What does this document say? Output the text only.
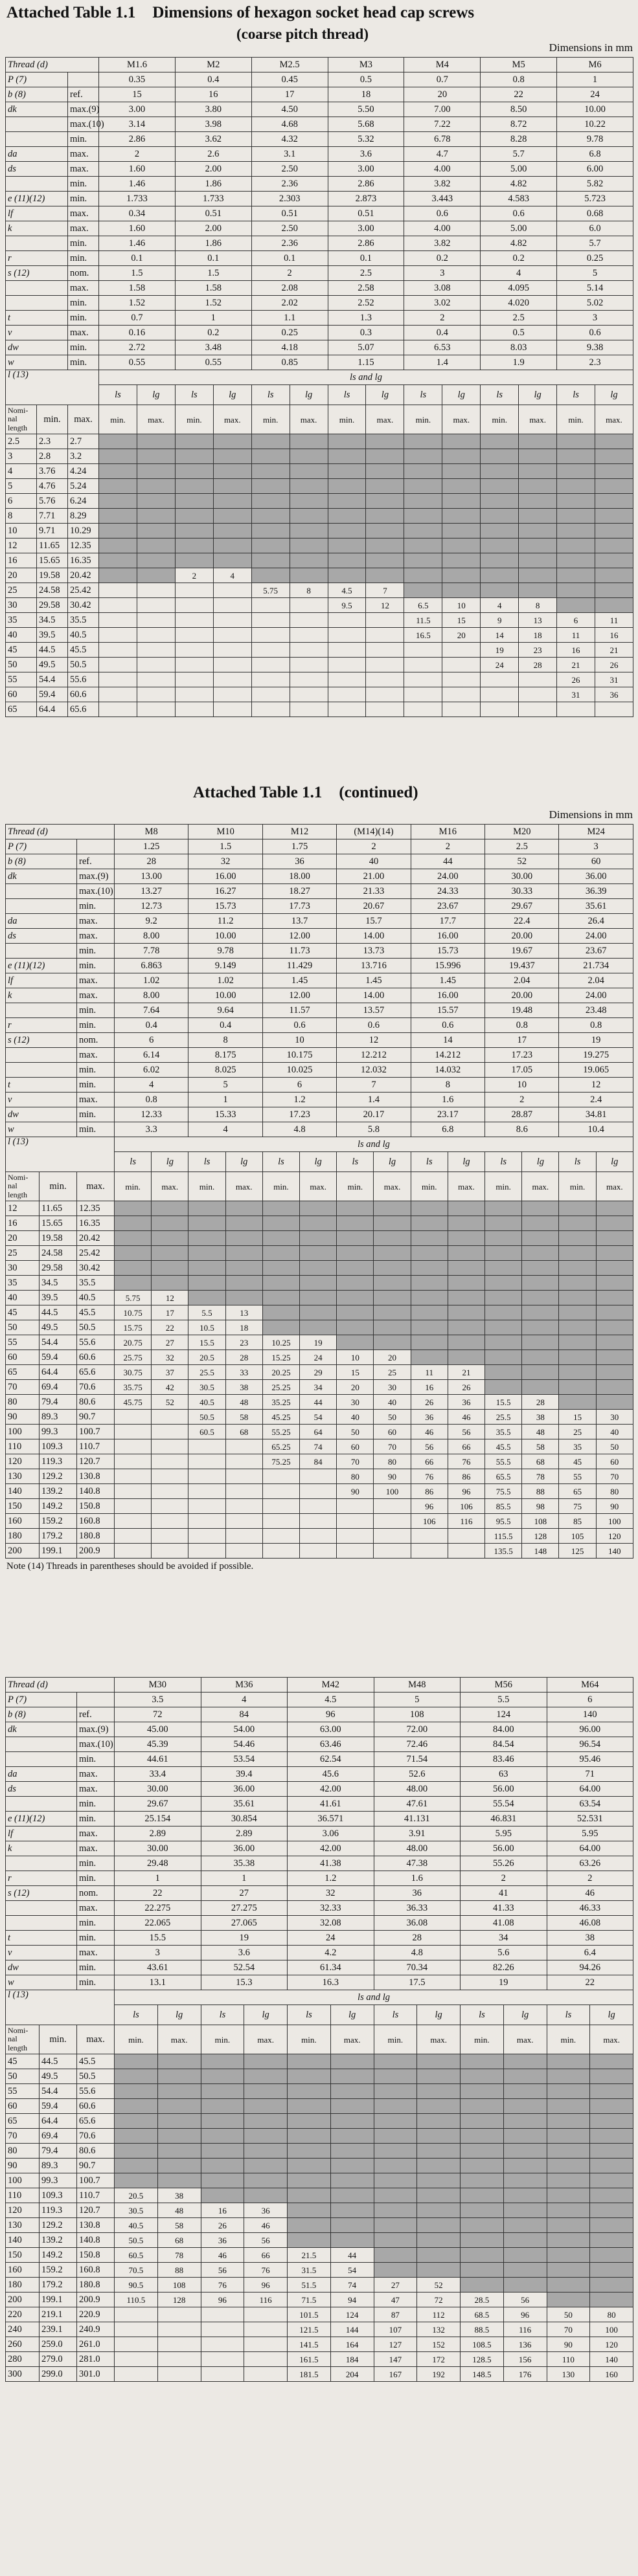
Attached Table 1.1 Dimensions of hexagon socket head cap screws
(coarse pitch thread)
Dimensions in mm
Thread (d)			M1.6		M2		M2.5		M3		M4		M5		M6	
P (7)			0.35		0.4		0.45		0.5		0.7		0.8		1	
b (8)		ref.	15		16		17		18		20		22		24	
dk		max.(9)	3.00		3.80		4.50		5.50		7.00		8.50		10.00	
		max.(10)	3.14		3.98		4.68		5.68		7.22		8.72		10.22	
		min.	2.86		3.62		4.32		5.32		6.78		8.28		9.78	
da		max.	2		2.6		3.1		3.6		4.7		5.7		6.8	
ds		max.	1.60		2.00		2.50		3.00		4.00		5.00		6.00	
		min.	1.46		1.86		2.36		2.86		3.82		4.82		5.82	
e (11)(12)		min.	1.733		1.733		2.303		2.873		3.443		4.583		5.723	
lf		max.	0.34		0.51		0.51		0.51		0.6		0.6		0.68	
k		max.	1.60		2.00		2.50		3.00		4.00		5.00		6.0	
		min.	1.46		1.86		2.36		2.86		3.82		4.82		5.7	
r		min.	0.1		0.1		0.1		0.1		0.2		0.2		0.25	
s (12)		nom.	1.5		1.5		2		2.5		3		4		5	
		max.	1.58		1.58		2.08		2.58		3.08		4.095		5.14	
		min.	1.52		1.52		2.02		2.52		3.02		4.020		5.02	
t		min.	0.7		1		1.1		1.3		2		2.5		3	
v		max.	0.16		0.2		0.25		0.3		0.4		0.5		0.6	
dw		min.	2.72		3.48		4.18		5.07		6.53		8.03		9.38	
w		min.	0.55		0.55		0.85		1.15		1.4		1.9		2.3	
l (13)			ls and lg													
			ls	lg	ls	lg	ls	lg	ls	lg	ls	lg	ls	lg	ls	lg
Nomi-nal length	min.	max.	min.	max.	min.	max.	min.	max.	min.	max.	min.	max.	min.	max.	min.	max.
2.5	2.3	2.7														
3	2.8	3.2														
4	3.76	4.24														
5	4.76	5.24														
6	5.76	6.24														
8	7.71	8.29														
10	9.71	10.29														
12	11.65	12.35														
16	15.65	16.35														
20	19.58	20.42			2	4										
25	24.58	25.42					5.75	8	4.5	7						
30	29.58	30.42							9.5	12	6.5	10	4	8		
35	34.5	35.5									11.5	15	9	13	6	11
40	39.5	40.5									16.5	20	14	18	11	16
45	44.5	45.5											19	23	16	21
50	49.5	50.5											24	28	21	26
55	54.4	55.6													26	31
60	59.4	60.6													31	36
65	64.4	65.6														
Attached Table 1.1 (continued)
Dimensions in mm
Thread (d)			M8		M10		M12		(M14)(14)		M16		M20		M24	
P (7)			1.25		1.5		1.75		2		2		2.5		3	
b (8)		ref.	28		32		36		40		44		52		60	
dk		max.(9)	13.00		16.00		18.00		21.00		24.00		30.00		36.00	
		max.(10)	13.27		16.27		18.27		21.33		24.33		30.33		36.39	
		min.	12.73		15.73		17.73		20.67		23.67		29.67		35.61	
da		max.	9.2		11.2		13.7		15.7		17.7		22.4		26.4	
ds		max.	8.00		10.00		12.00		14.00		16.00		20.00		24.00	
		min.	7.78		9.78		11.73		13.73		15.73		19.67		23.67	
e (11)(12)		min.	6.863		9.149		11.429		13.716		15.996		19.437		21.734	
lf		max.	1.02		1.02		1.45		1.45		1.45		2.04		2.04	
k		max.	8.00		10.00		12.00		14.00		16.00		20.00		24.00	
		min.	7.64		9.64		11.57		13.57		15.57		19.48		23.48	
r		min.	0.4		0.4		0.6		0.6		0.6		0.8		0.8	
s (12)		nom.	6		8		10		12		14		17		19	
		max.	6.14		8.175		10.175		12.212		14.212		17.23		19.275	
		min.	6.02		8.025		10.025		12.032		14.032		17.05		19.065	
t		min.	4		5		6		7		8		10		12	
v		max.	0.8		1		1.2		1.4		1.6		2		2.4	
dw		min.	12.33		15.33		17.23		20.17		23.17		28.87		34.81	
w		min.	3.3		4		4.8		5.8		6.8		8.6		10.4	
l (13)			ls and lg													
			ls	lg	ls	lg	ls	lg	ls	lg	ls	lg	ls	lg	ls	lg
Nomi-nal length	min.	max.	min.	max.	min.	max.	min.	max.	min.	max.	min.	max.	min.	max.	min.	max.
12	11.65	12.35														
16	15.65	16.35														
20	19.58	20.42														
25	24.58	25.42														
30	29.58	30.42														
35	34.5	35.5														
40	39.5	40.5	5.75	12												
45	44.5	45.5	10.75	17	5.5	13										
50	49.5	50.5	15.75	22	10.5	18										
55	54.4	55.6	20.75	27	15.5	23	10.25	19								
60	59.4	60.6	25.75	32	20.5	28	15.25	24	10	20						
65	64.4	65.6	30.75	37	25.5	33	20.25	29	15	25	11	21				
70	69.4	70.6	35.75	42	30.5	38	25.25	34	20	30	16	26				
80	79.4	80.6	45.75	52	40.5	48	35.25	44	30	40	26	36	15.5	28		
90	89.3	90.7			50.5	58	45.25	54	40	50	36	46	25.5	38	15	30
100	99.3	100.7			60.5	68	55.25	64	50	60	46	56	35.5	48	25	40
110	109.3	110.7					65.25	74	60	70	56	66	45.5	58	35	50
120	119.3	120.7					75.25	84	70	80	66	76	55.5	68	45	60
130	129.2	130.8							80	90	76	86	65.5	78	55	70
140	139.2	140.8							90	100	86	96	75.5	88	65	80
150	149.2	150.8									96	106	85.5	98	75	90
160	159.2	160.8									106	116	95.5	108	85	100
180	179.2	180.8											115.5	128	105	120
200	199.1	200.9											135.5	148	125	140
Note (14) Threads in parentheses should be avoided if possible.
Thread (d)			M30		M36		M42		M48		M56		M64	
P (7)			3.5		4		4.5		5		5.5		6	
b (8)		ref.	72		84		96		108		124		140	
dk		max.(9)	45.00		54.00		63.00		72.00		84.00		96.00	
		max.(10)	45.39		54.46		63.46		72.46		84.54		96.54	
		min.	44.61		53.54		62.54		71.54		83.46		95.46	
da		max.	33.4		39.4		45.6		52.6		63		71	
ds		max.	30.00		36.00		42.00		48.00		56.00		64.00	
		min.	29.67		35.61		41.61		47.61		55.54		63.54	
e (11)(12)		min.	25.154		30.854		36.571		41.131		46.831		52.531	
lf		max.	2.89		2.89		3.06		3.91		5.95		5.95	
k		max.	30.00		36.00		42.00		48.00		56.00		64.00	
		min.	29.48		35.38		41.38		47.38		55.26		63.26	
r		min.	1		1		1.2		1.6		2		2	
s (12)		nom.	22		27		32		36		41		46	
		max.	22.275		27.275		32.33		36.33		41.33		46.33	
		min.	22.065		27.065		32.08		36.08		41.08		46.08	
t		min.	15.5		19		24		28		34		38	
v		max.	3		3.6		4.2		4.8		5.6		6.4	
dw		min.	43.61		52.54		61.34		70.34		82.26		94.26	
w		min.	13.1		15.3		16.3		17.5		19		22	
l (13)			ls and lg											
			ls	lg	ls	lg	ls	lg	ls	lg	ls	lg	ls	lg
Nomi-nal length	min.	max.	min.	max.	min.	max.	min.	max.	min.	max.	min.	max.	min.	max.
45	44.5	45.5												
50	49.5	50.5												
55	54.4	55.6												
60	59.4	60.6												
65	64.4	65.6												
70	69.4	70.6												
80	79.4	80.6												
90	89.3	90.7												
100	99.3	100.7												
110	109.3	110.7	20.5	38										
120	119.3	120.7	30.5	48	16	36								
130	129.2	130.8	40.5	58	26	46								
140	139.2	140.8	50.5	68	36	56								
150	149.2	150.8	60.5	78	46	66	21.5	44						
160	159.2	160.8	70.5	88	56	76	31.5	54						
180	179.2	180.8	90.5	108	76	96	51.5	74	27	52				
200	199.1	200.9	110.5	128	96	116	71.5	94	47	72	28.5	56		
220	219.1	220.9					101.5	124	87	112	68.5	96	50	80
240	239.1	240.9					121.5	144	107	132	88.5	116	70	100
260	259.0	261.0					141.5	164	127	152	108.5	136	90	120
280	279.0	281.0					161.5	184	147	172	128.5	156	110	140
300	299.0	301.0					181.5	204	167	192	148.5	176	130	160
